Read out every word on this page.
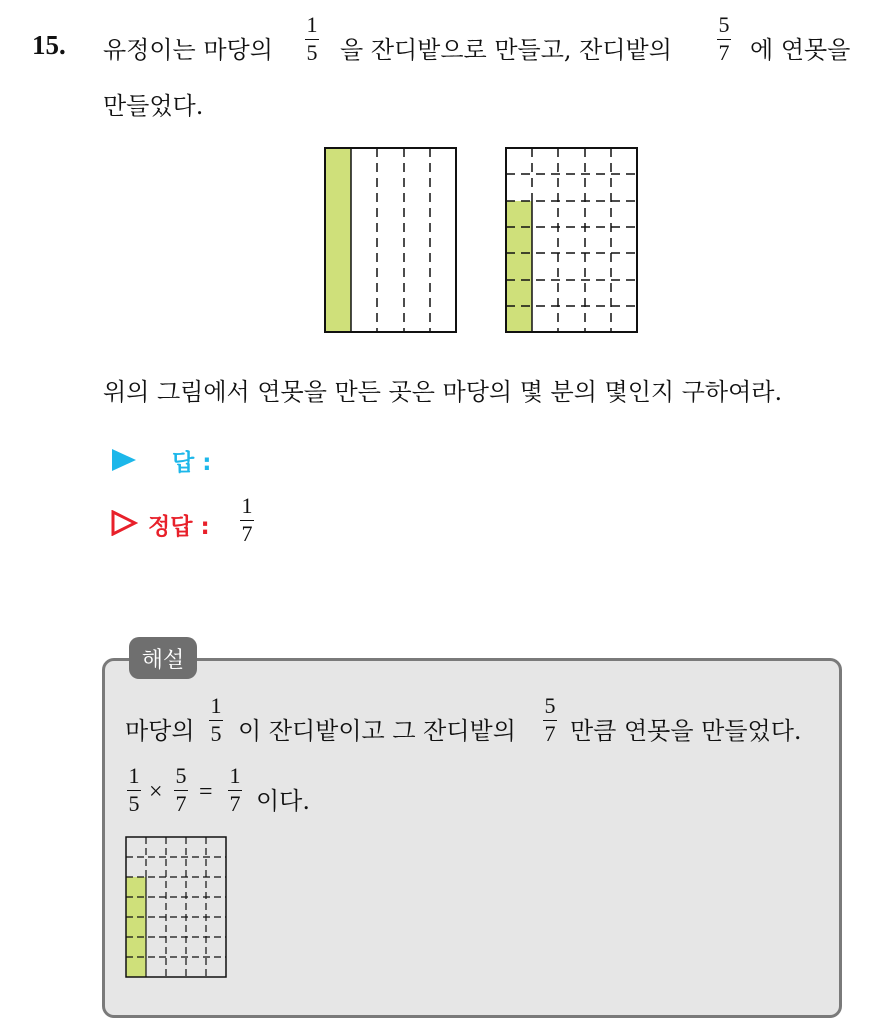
15. 유정이는 마당의
1
5 을 잔디밭으로 만들고, 잔디밭의
5
7 에 연못을
만들었다.
위의 그림에서 연못을 만든 곳은 마당의 몇 분의 몇인지 구하여라.
답 :
정답 :
1
7
해설
마당의
1
5 이 잔디밭이고 그 잔디밭의
5
7 만큼 연못을 만들었다.
1
5 ×
5
7 =
1
7 이다.
